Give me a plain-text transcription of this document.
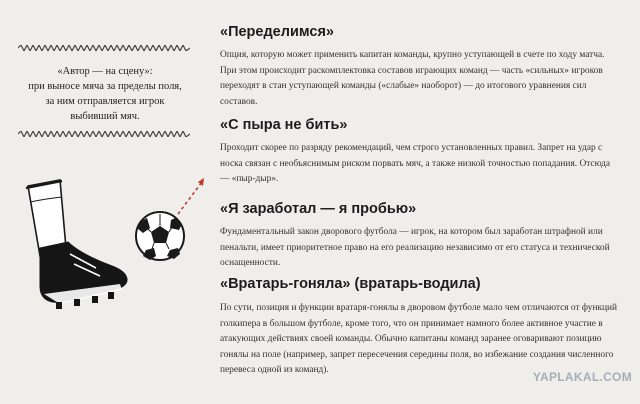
«Автор — на сцену»:
при выносе мяча за пределы поля,
за ним отправляется игрок
выбивший мяч.
«Переделимся»
Опция, которую может применить капитан команды, крупно уступающей в счете по ходу матча. При этом происходит раскомплектовка составов играющих команд — часть «сильных» игроков переходят в стан уступающей команды («слабые» наоборот) — до итогового уравнения сил составов.
«С пыра не бить»
Проходит скорее по разряду рекомендаций, чем строго установленных правил. Запрет на удар с носка связан с необъяснимым риском порвать мяч, а также низкой точностью попадания. Отсюда — «пыр-дыр».
«Я заработал — я пробью»
Фундаментальный закон дворового футбола — игрок, на котором был заработан штрафной или пенальти, имеет приоритетное право на его реализацию независимо от его статуса и технической оснащенности.
«Вратарь-гоняла» (вратарь-водила)
По сути, позиция и функции вратаря-гонялы в дворовом футболе мало чем отличаются от функций голкипера в большом футболе, кроме того, что он принимает намного более активное участие в атакующих действиях своей команды. Обычно капитаны команд заранее оговаривают позицию гонялы на поле (например, запрет пересечения середины поля, во избежание создания численного перевеса одной из команд).	YAPLAKAL.COM
